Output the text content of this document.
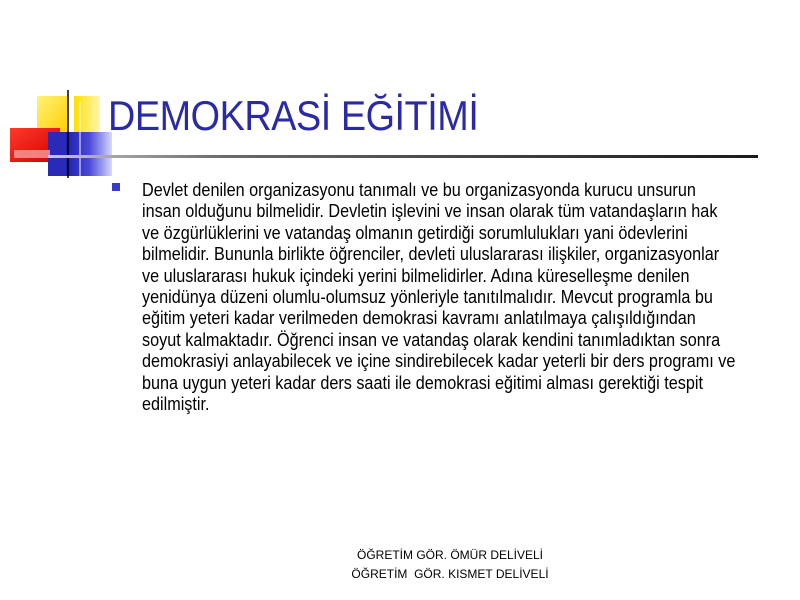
DEMOKRASİ EĞİTİMİ

Devlet denilen organizasyonu tanımalı ve bu organizasyonda kurucu unsurun insan olduğunu bilmelidir. Devletin işlevini ve insan olarak tüm vatandaşların hak ve özgürlüklerini ve vatandaş olmanın getirdiği sorumlulukları yani ödevlerini bilmelidir. Bununla birlikte öğrenciler, devleti uluslararası ilişkiler, organizasyonlar ve uluslararası hukuk içindeki yerini bilmelidirler. Adına küreselleşme denilen yenidünya düzeni olumlu-olumsuz yönleriyle tanıtılmalıdır. Mevcut programla bu eğitim yeteri kadar verilmeden demokrasi kavramı anlatılmaya çalışıldığından soyut kalmaktadır. Öğrenci insan ve vatandaş olarak kendini tanımladıktan sonra demokrasiyi anlayabilecek ve içine sindirebilecek kadar yeterli bir ders programı ve buna uygun yeteri kadar ders saati ile demokrasi eğitimi alması gerektiği tespit edilmiştir.

ÖĞRETİM GÖR. ÖMÜR DELİVELİ
ÖĞRETİM  GÖR. KISMET DELİVELİ
